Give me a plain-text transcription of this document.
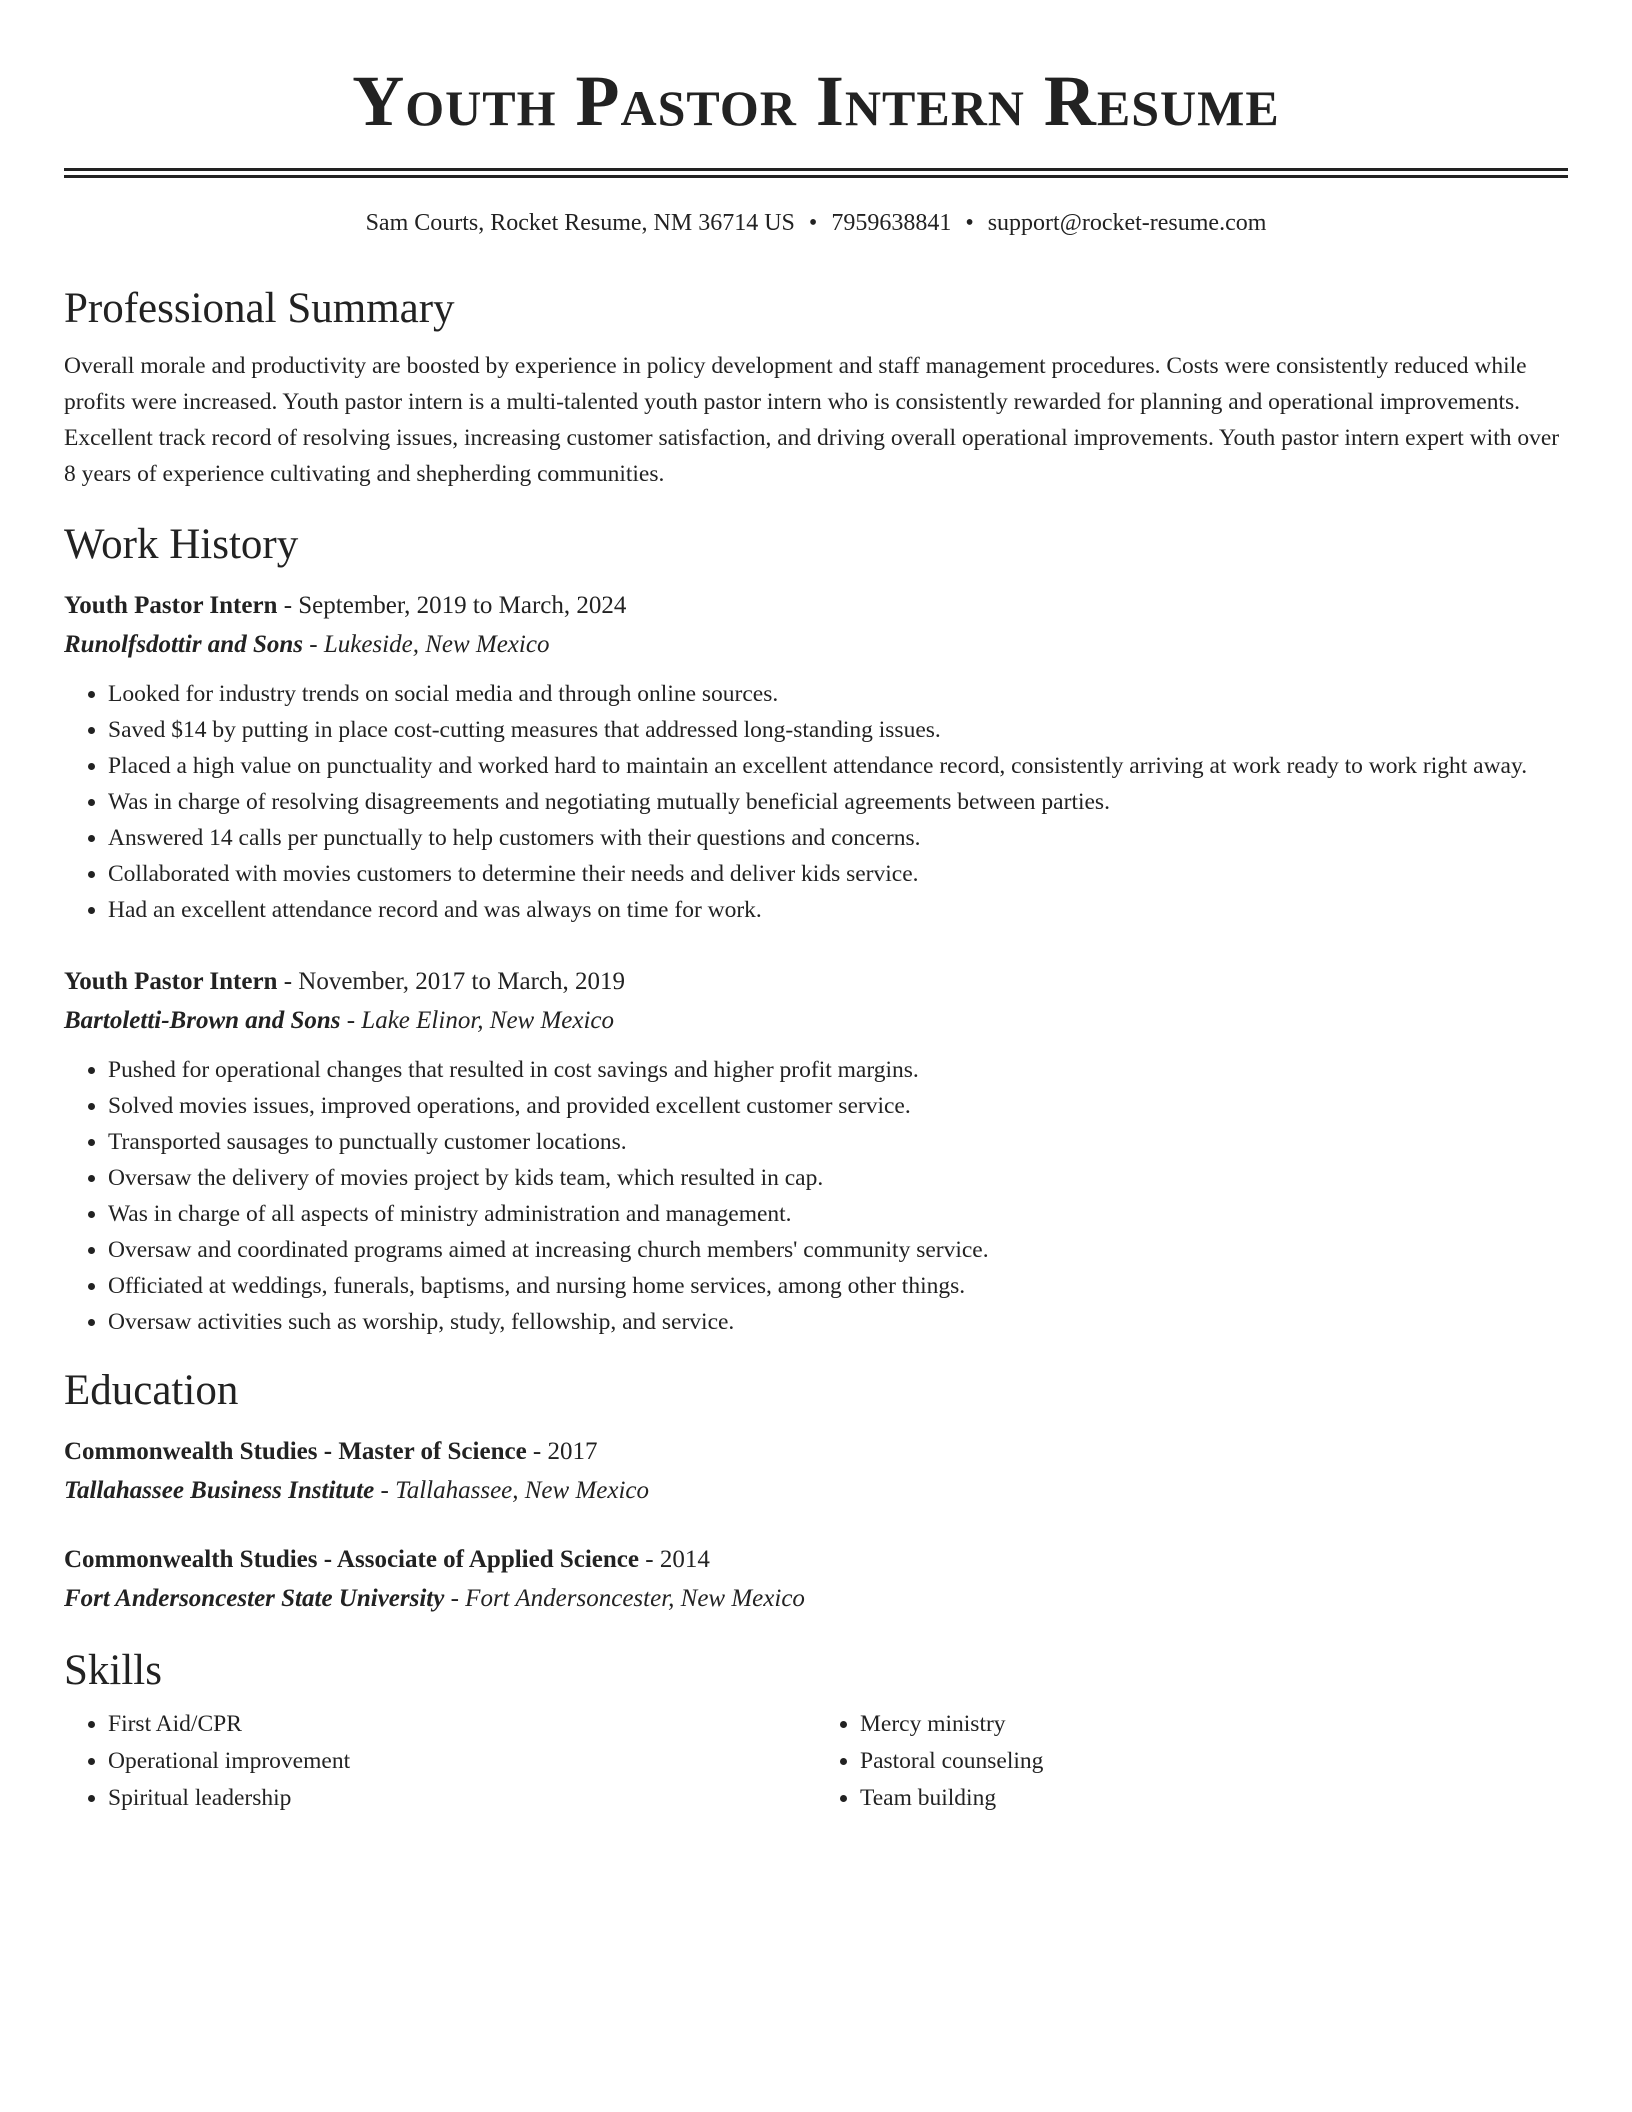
Youth Pastor Intern Resume
Sam Courts, Rocket Resume, NM 36714 US • 7959638841 • support@rocket-resume.com
Professional Summary

Overall morale and productivity are boosted by experience in policy development and staff management procedures. Costs were consistently reduced while profits were increased. Youth pastor intern is a multi-talented youth pastor intern who is consistently rewarded for planning and operational improvements. Excellent track record of resolving issues, increasing customer satisfaction, and driving overall operational improvements. Youth pastor intern expert with over 8 years of experience cultivating and shepherding communities.

Work History
Youth Pastor Intern - September, 2019 to March, 2024
Runolfsdottir and Sons - Lukeside, New Mexico
• Looked for industry trends on social media and through online sources.
• Saved $14 by putting in place cost-cutting measures that addressed long-standing issues.
• Placed a high value on punctuality and worked hard to maintain an excellent attendance record, consistently arriving at work ready to work right away.
• Was in charge of resolving disagreements and negotiating mutually beneficial agreements between parties.
• Answered 14 calls per punctually to help customers with their questions and concerns.
• Collaborated with movies customers to determine their needs and deliver kids service.
• Had an excellent attendance record and was always on time for work.
Youth Pastor Intern - November, 2017 to March, 2019
Bartoletti-Brown and Sons - Lake Elinor, New Mexico
• Pushed for operational changes that resulted in cost savings and higher profit margins.
• Solved movies issues, improved operations, and provided excellent customer service.
• Transported sausages to punctually customer locations.
• Oversaw the delivery of movies project by kids team, which resulted in cap.
• Was in charge of all aspects of ministry administration and management.
• Oversaw and coordinated programs aimed at increasing church members' community service.
• Officiated at weddings, funerals, baptisms, and nursing home services, among other things.
• Oversaw activities such as worship, study, fellowship, and service.
Education
Commonwealth Studies - Master of Science - 2017
Tallahassee Business Institute - Tallahassee, New Mexico
Commonwealth Studies - Associate of Applied Science - 2014
Fort Andersoncester State University - Fort Andersoncester, New Mexico
Skills
• First Aid/CPR
• Operational improvement
• Spiritual leadership
• Mercy ministry
• Pastoral counseling
• Team building
